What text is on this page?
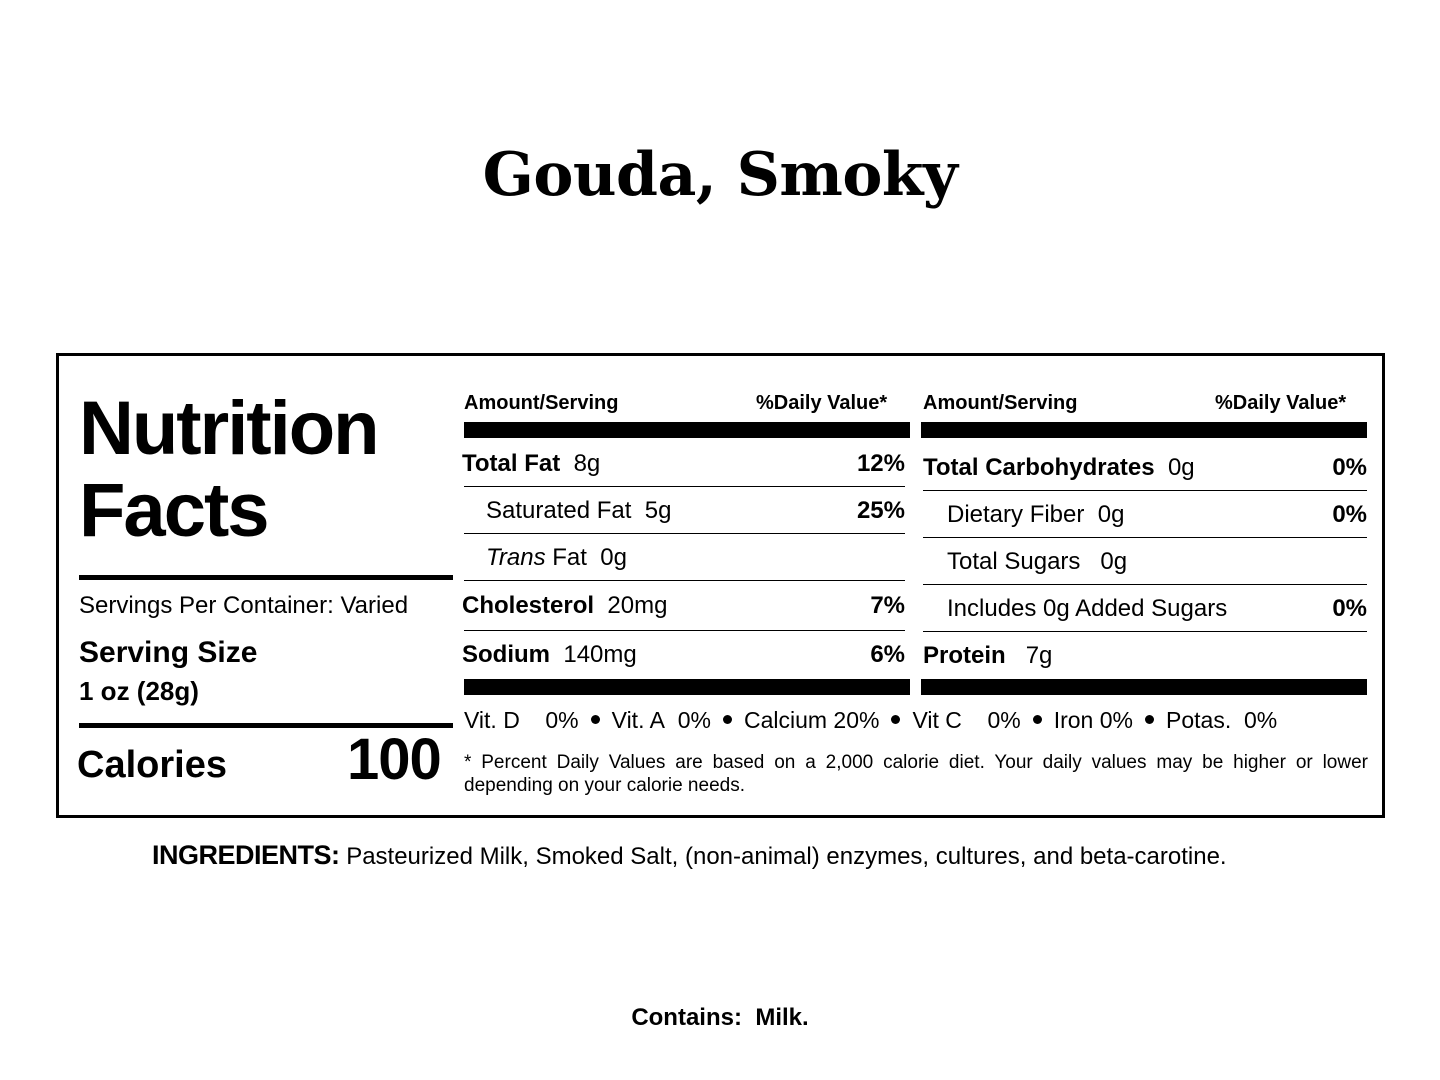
Gouda, Smoky
Nutrition
Facts
Servings Per Container: Varied
Serving Size
1 oz (28g)
Calories 100
Amount/Serving	%Daily Value*
Total Fat 8g	12%
Saturated Fat 5g	25%
Trans Fat 0g
Cholesterol 20mg	7%
Sodium 140mg	6%
Amount/Serving	%Daily Value*
Total Carbohydrates 0g	0%
Dietary Fiber 0g	0%
Total Sugars 0g
Includes 0g Added Sugars	0%
Protein 7g
Vit. D 0% Vit. A 0% Calcium 20% Vit C 0% Iron 0% Potas. 0%
* Percent Daily Values are based on a 2,000 calorie diet. Your daily values may be higher or lower depending on your calorie needs.
INGREDIENTS: Pasteurized Milk, Smoked Salt, (non-animal) enzymes, cultures, and beta-carotine.
Contains: Milk.
